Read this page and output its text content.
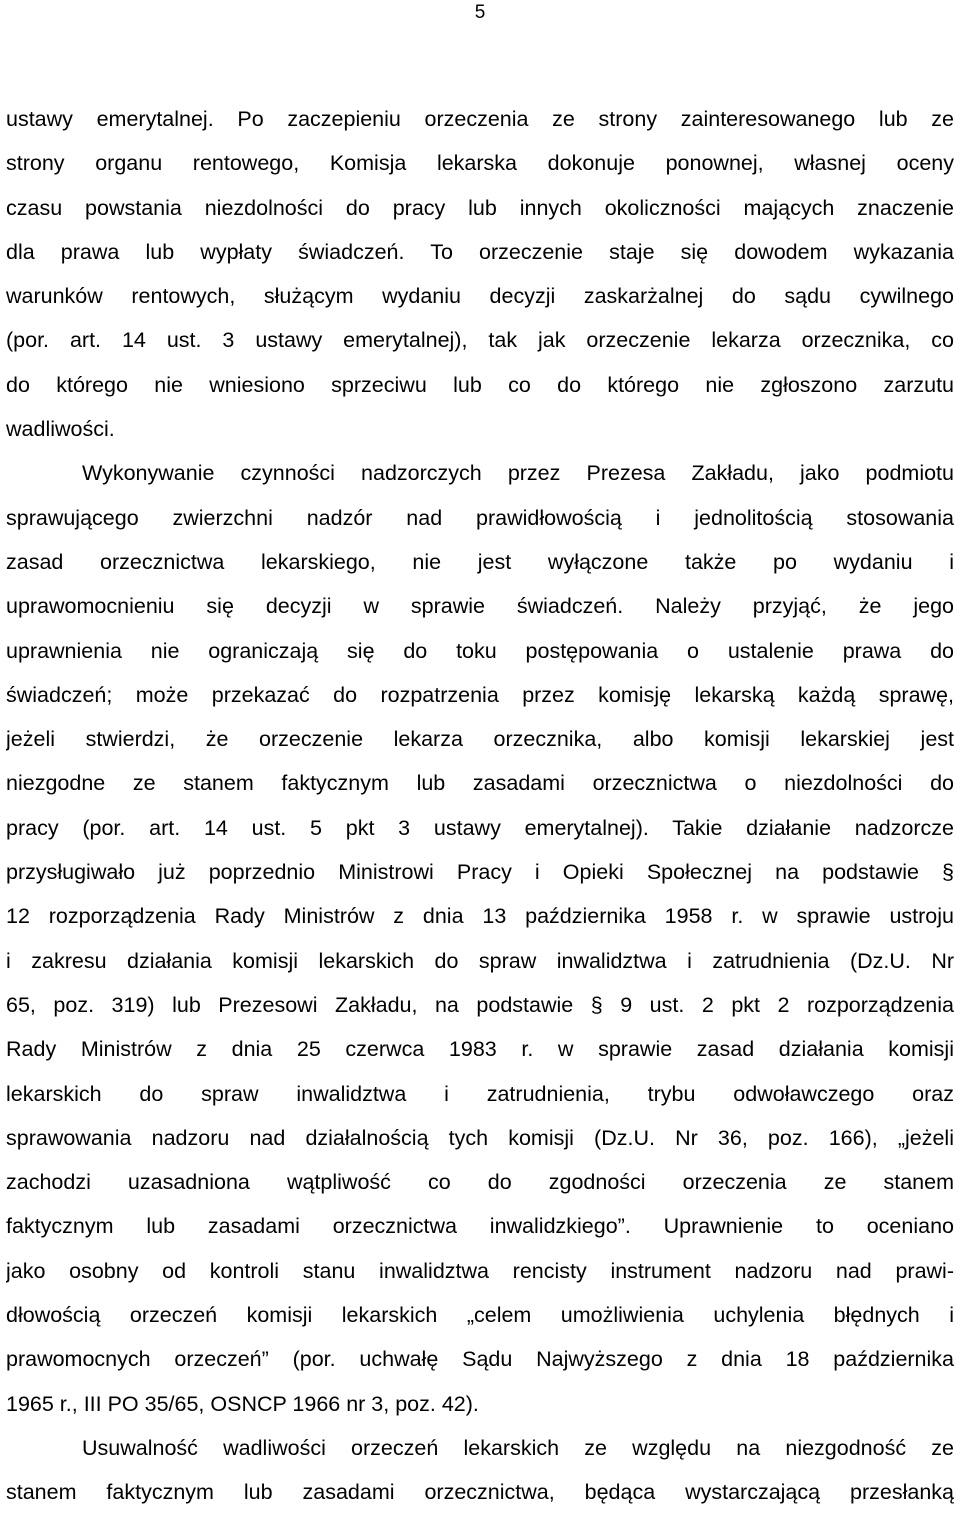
5
ustawy emerytalnej. Po zaczepieniu orzeczenia ze strony zainteresowanego lub ze
strony organu rentowego, Komisja lekarska dokonuje ponownej, własnej oceny
czasu powstania niezdolności do pracy lub innych okoliczności mających znaczenie
dla prawa lub wypłaty świadczeń. To orzeczenie staje się dowodem wykazania
warunków rentowych, służącym wydaniu decyzji zaskarżalnej do sądu cywilnego
(por. art. 14 ust. 3 ustawy emerytalnej), tak jak orzeczenie lekarza orzecznika, co
do którego nie wniesiono sprzeciwu lub co do którego nie zgłoszono zarzutu
wadliwości.
Wykonywanie czynności nadzorczych przez Prezesa Zakładu, jako podmiotu
sprawującego zwierzchni nadzór nad prawidłowością i jednolitością stosowania
zasad orzecznictwa lekarskiego, nie jest wyłączone także po wydaniu i
uprawomocnieniu się decyzji w sprawie świadczeń. Należy przyjąć, że jego
uprawnienia nie ograniczają się do toku postępowania o ustalenie prawa do
świadczeń; może przekazać do rozpatrzenia przez komisję lekarską każdą sprawę,
jeżeli stwierdzi, że orzeczenie lekarza orzecznika, albo komisji lekarskiej jest
niezgodne ze stanem faktycznym lub zasadami orzecznictwa o niezdolności do
pracy (por. art. 14 ust. 5 pkt 3 ustawy emerytalnej). Takie działanie nadzorcze
przysługiwało już poprzednio Ministrowi Pracy i Opieki Społecznej na podstawie §
12 rozporządzenia Rady Ministrów z dnia 13 października 1958 r. w sprawie ustroju
i zakresu działania komisji lekarskich do spraw inwalidztwa i zatrudnienia (Dz.U. Nr
65, poz. 319) lub Prezesowi Zakładu, na podstawie § 9 ust. 2 pkt 2 rozporządzenia
Rady Ministrów z dnia 25 czerwca 1983 r. w sprawie zasad działania komisji
lekarskich do spraw inwalidztwa i zatrudnienia, trybu odwoławczego oraz
sprawowania nadzoru nad działalnością tych komisji (Dz.U. Nr 36, poz. 166), „jeżeli
zachodzi uzasadniona wątpliwość co do zgodności orzeczenia ze stanem
faktycznym lub zasadami orzecznictwa inwalidzkiego”. Uprawnienie to oceniano
jako osobny od kontroli stanu inwalidztwa rencisty instrument nadzoru nad prawi-
dłowością orzeczeń komisji lekarskich „celem umożliwienia uchylenia błędnych i
prawomocnych orzeczeń” (por. uchwałę Sądu Najwyższego z dnia 18 października
1965 r., III PO 35/65, OSNCP 1966 nr 3, poz. 42).
Usuwalność wadliwości orzeczeń lekarskich ze względu na niezgodność ze
stanem faktycznym lub zasadami orzecznictwa, będąca wystarczającą przesłanką
